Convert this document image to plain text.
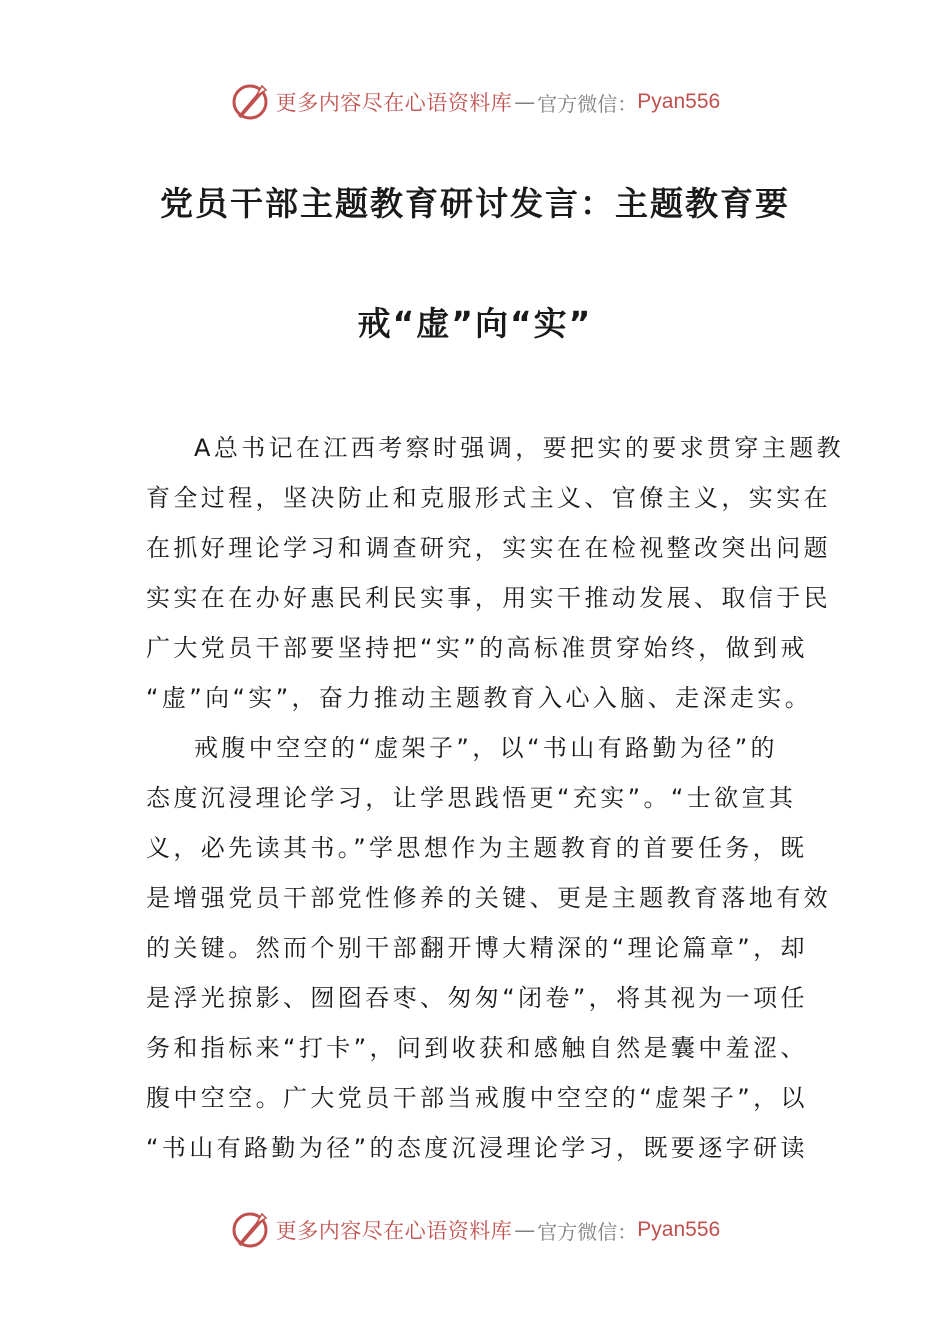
更多内容尽在心语资料库 — 官方微信： Pyan556
党员干部主题教育研讨发言：主题教育要
戒“虚”向“实”
A总书记在江西考察时强调，要把实的要求贯穿主题教
育全过程，坚决防止和克服形式主义、官僚主义，实实在
在抓好理论学习和调查研究，实实在在检视整改突出问题
实实在在办好惠民利民实事，用实干推动发展、取信于民
广大党员干部要坚持把“实”的高标准贯穿始终，做到戒
“虚”向“实”，奋力推动主题教育入心入脑、走深走实。
戒腹中空空的“虚架子”，以“书山有路勤为径”的
态度沉浸理论学习，让学思践悟更“充实”。“士欲宣其
义，必先读其书。”学思想作为主题教育的首要任务，既
是增强党员干部党性修养的关键、更是主题教育落地有效
的关键。然而个别干部翻开博大精深的“理论篇章”，却
是浮光掠影、囫囵吞枣、匆匆“闭卷”，将其视为一项任
务和指标来“打卡”，问到收获和感触自然是囊中羞涩、
腹中空空。广大党员干部当戒腹中空空的“虚架子”，以
“书山有路勤为径”的态度沉浸理论学习，既要逐字研读
更多内容尽在心语资料库 — 官方微信： Pyan556
